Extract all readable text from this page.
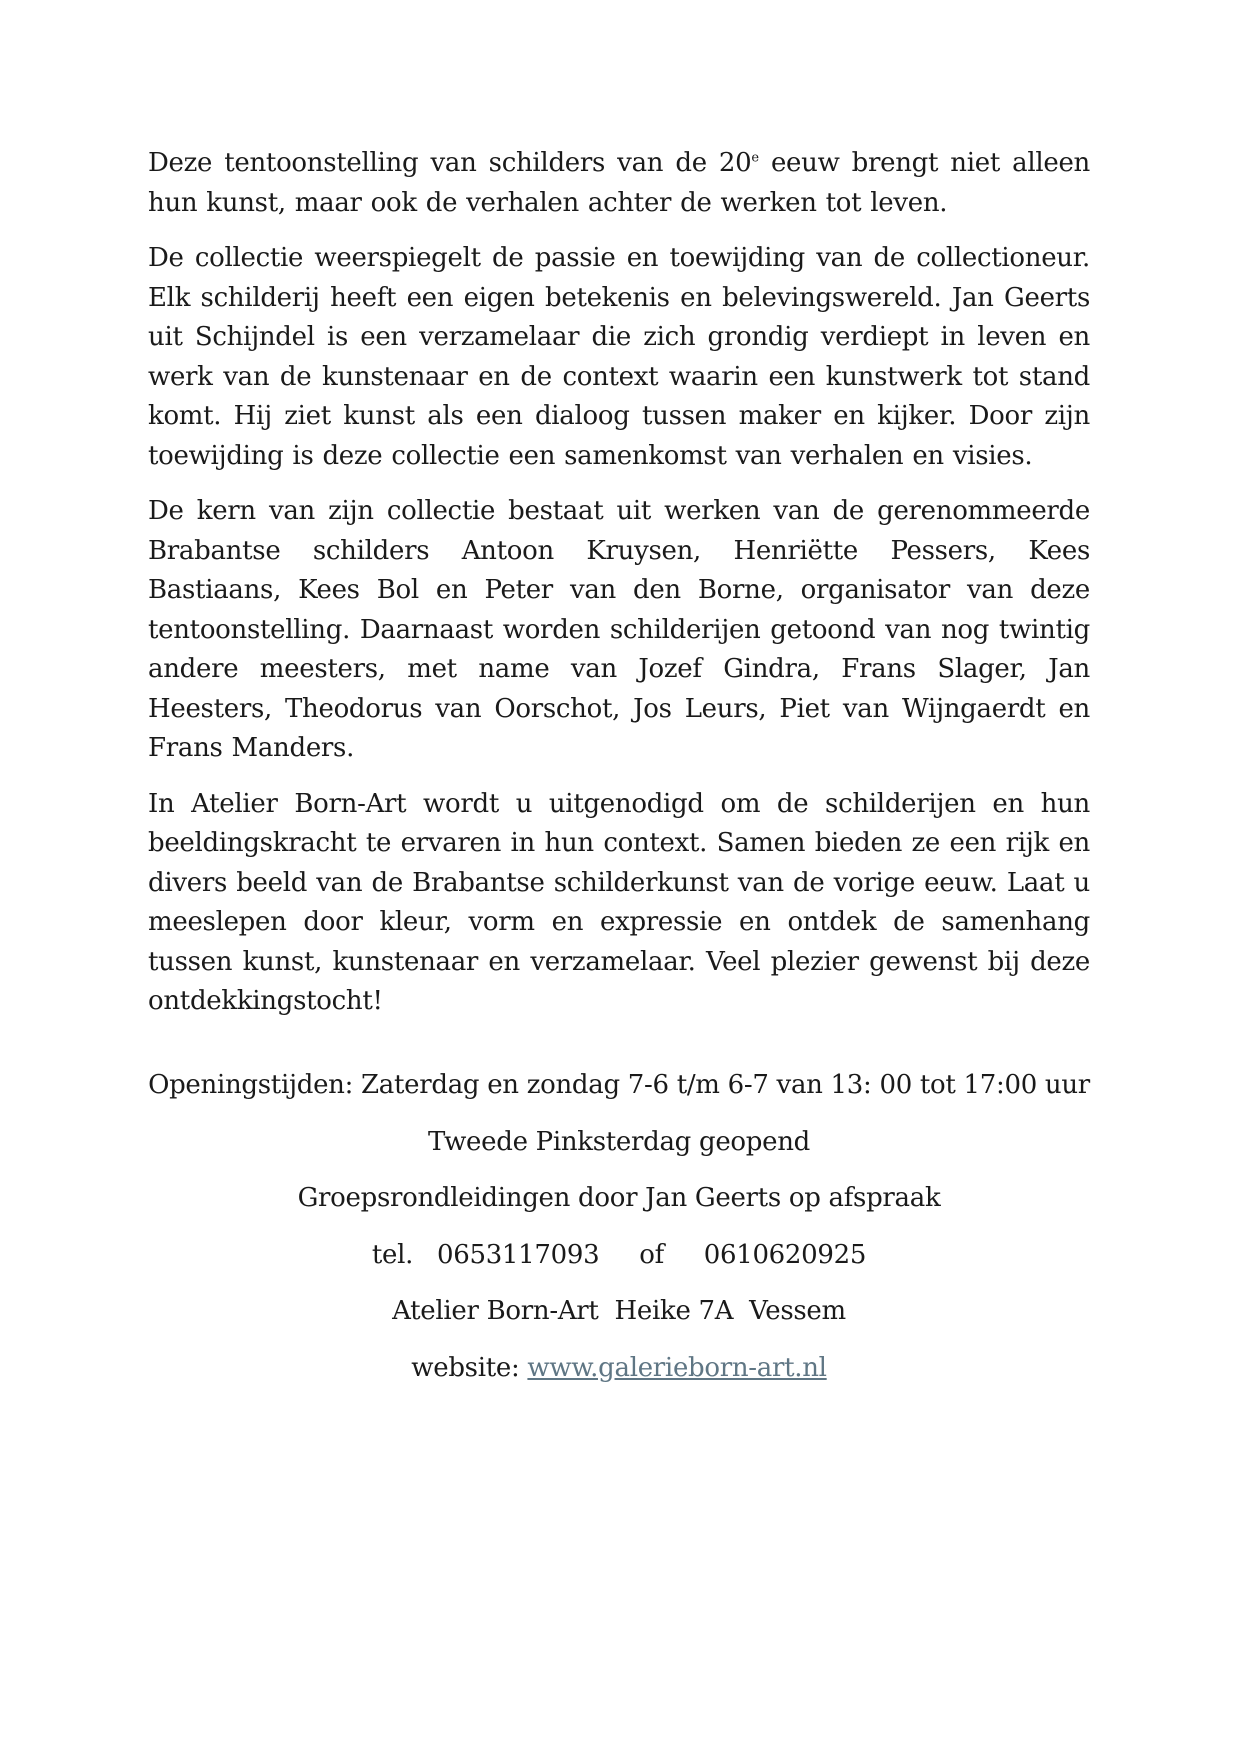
Deze tentoonstelling van schilders van de 20e eeuw brengt niet alleen hun kunst, maar ook de verhalen achter de werken tot leven.

De collectie weerspiegelt de passie en toewijding van de collectioneur. Elk schilderij heeft een eigen betekenis en belevingswereld. Jan Geerts uit Schijndel is een verzamelaar die zich grondig verdiept in leven en werk van de kunstenaar en de context waarin een kunstwerk tot stand komt. Hij ziet kunst als een dialoog tussen maker en kijker. Door zijn toewijding is deze collectie een samenkomst van verhalen en visies.

De kern van zijn collectie bestaat uit werken van de gerenommeerde Brabantse schilders Antoon Kruysen, Henriëtte Pessers, Kees Bastiaans, Kees Bol en Peter van den Borne, organisator van deze tentoonstelling. Daarnaast worden schilderijen getoond van nog twintig andere meesters, met name van Jozef Gindra, Frans Slager, Jan Heesters, Theodorus van Oorschot, Jos Leurs, Piet van Wijngaerdt en Frans Manders.

In Atelier Born-Art wordt u uitgenodigd om de schilderijen en hun beeldingskracht te ervaren in hun context. Samen bieden ze een rijk en divers beeld van de Brabantse schilderkunst van de vorige eeuw. Laat u meeslepen door kleur, vorm en expressie en ontdek de samenhang tussen kunst, kunstenaar en verzamelaar. Veel plezier gewenst bij deze ontdekkingstocht!

Openingstijden: Zaterdag en zondag 7-6 t/m 6-7 van 13: 00 tot 17:00 uur
Tweede Pinksterdag geopend
Groepsrondleidingen door Jan Geerts op afspraak
tel.   0653117093     of     0610620925
Atelier Born-Art  Heike 7A  Vessem
website: www.galerieborn-art.nl
